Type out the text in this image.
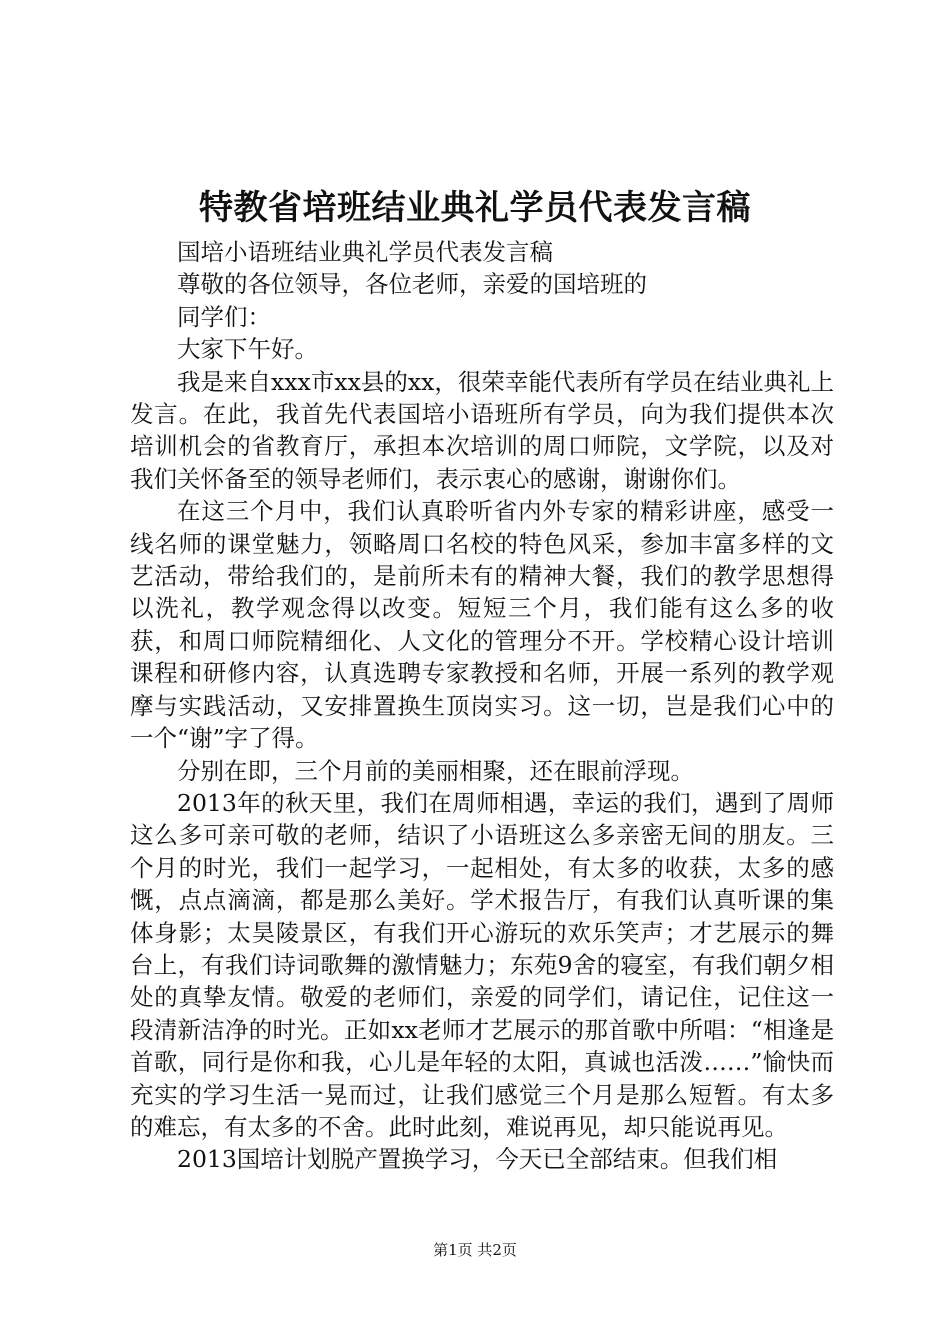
特教省培班结业典礼学员代表发言稿

国培小语班结业典礼学员代表发言稿

尊敬的各位领导，各位老师，亲爱的国培班的

同学们：

大家下午好。

我是来自xxx市xx县的xx，很荣幸能代表所有学员在结业典礼上发言。在此，我首先代表国培小语班所有学员，向为我们提供本次培训机会的省教育厅，承担本次培训的周口师院，文学院，以及对我们关怀备至的领导老师们，表示衷心的感谢，谢谢你们。

在这三个月中，我们认真聆听省内外专家的精彩讲座，感受一线名师的课堂魅力，领略周口名校的特色风采，参加丰富多样的文艺活动，带给我们的，是前所未有的精神大餐，我们的教学思想得以洗礼，教学观念得以改变。短短三个月，我们能有这么多的收获，和周口师院精细化、人文化的管理分不开。学校精心设计培训课程和研修内容，认真选聘专家教授和名师，开展一系列的教学观摩与实践活动，又安排置换生顶岗实习。这一切，岂是我们心中的一个“谢”字了得。

分别在即，三个月前的美丽相聚，还在眼前浮现。

2013年的秋天里，我们在周师相遇，幸运的我们，遇到了周师这么多可亲可敬的老师，结识了小语班这么多亲密无间的朋友。三个月的时光，我们一起学习，一起相处，有太多的收获，太多的感慨，点点滴滴，都是那么美好。学术报告厅，有我们认真听课的集体身影；太昊陵景区，有我们开心游玩的欢乐笑声；才艺展示的舞台上，有我们诗词歌舞的激情魅力；东苑9舍的寝室，有我们朝夕相处的真挚友情。敬爱的老师们，亲爱的同学们，请记住，记住这一段清新洁净的时光。正如xx老师才艺展示的那首歌中所唱：“相逢是首歌，同行是你和我，心儿是年轻的太阳，真诚也活泼……”愉快而充实的学习生活一晃而过，让我们感觉三个月是那么短暂。有太多的难忘，有太多的不舍。此时此刻，难说再见，却只能说再见。

2013国培计划脱产置换学习，今天已全部结束。但我们相

第1页 共2页
